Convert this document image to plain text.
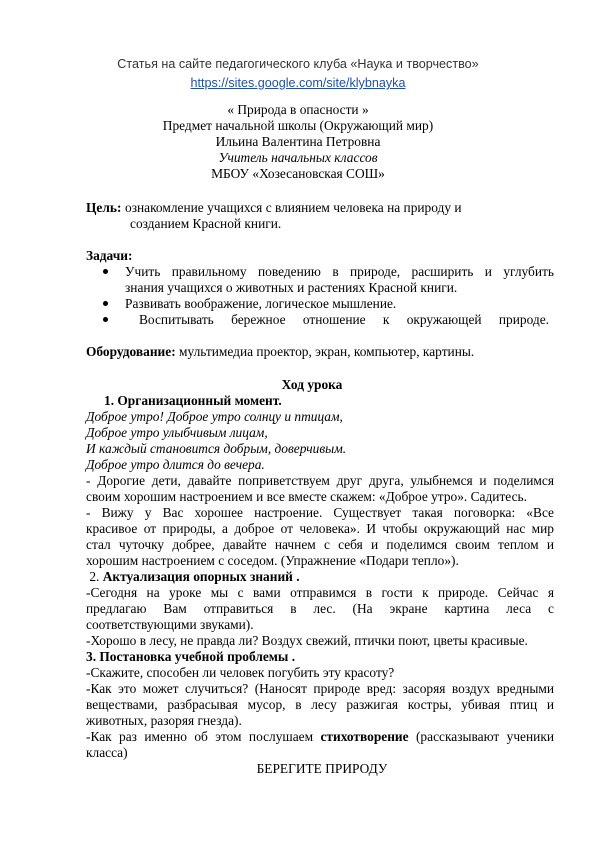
Статья на сайте педагогического клуба «Наука и творчество»
https://sites.google.com/site/klybnayka
« Природа в опасности »
Предмет начальной школы (Окружающий мир)
Ильина Валентина Петровна
Учитель начальных классов
МБОУ «Хозесановская СОШ»
Цель: ознакомление учащихся с влиянием человека на природу и
созданием Красной книги.
Задачи:
Учить правильному поведению в природе, расширить и углубить
знания учащихся о животных и растениях Красной книги.
Развивать воображение, логическое мышление.
Воспитывать бережное отношение к окружающей природе.
Оборудование: мультимедиа проектор, экран, компьютер, картины.
Ход урока
1. Организационный момент.
Доброе утро! Доброе утро солнцу и птицам,
Доброе утро улыбчивым лицам,
И каждый становится добрым, доверчивым.
Доброе утро длится до вечера.
- Дорогие дети, давайте поприветствуем друг друга, улыбнемся и поделимся
своим хорошим настроением и все вместе скажем: «Доброе утро». Садитесь.
- Вижу у Вас хорошее настроение. Существует такая поговорка: «Все
красивое от природы, а доброе от человека». И чтобы окружающий нас мир
стал чуточку добрее, давайте начнем с себя и поделимся своим теплом и
хорошим настроением с соседом. (Упражнение «Подари тепло»).
2. Актуализация опорных знаний .
-Сегодня на уроке мы с вами отправимся в гости к природе. Сейчас я
предлагаю Вам отправиться в лес. (На экране картина леса с
соответствующими звуками).
-Хорошо в лесу, не правда ли? Воздух свежий, птички поют, цветы красивые.
3. Постановка учебной проблемы .
-Скажите, способен ли человек погубить эту красоту?
-Как это может случиться? (Наносят природе вред: засоряя воздух вредными
веществами, разбрасывая мусор, в лесу разжигая костры, убивая птиц и
животных, разоряя гнезда).
-Как раз именно об этом послушаем стихотворение (рассказывают ученики
класса)
БЕРЕГИТЕ ПРИРОДУ
